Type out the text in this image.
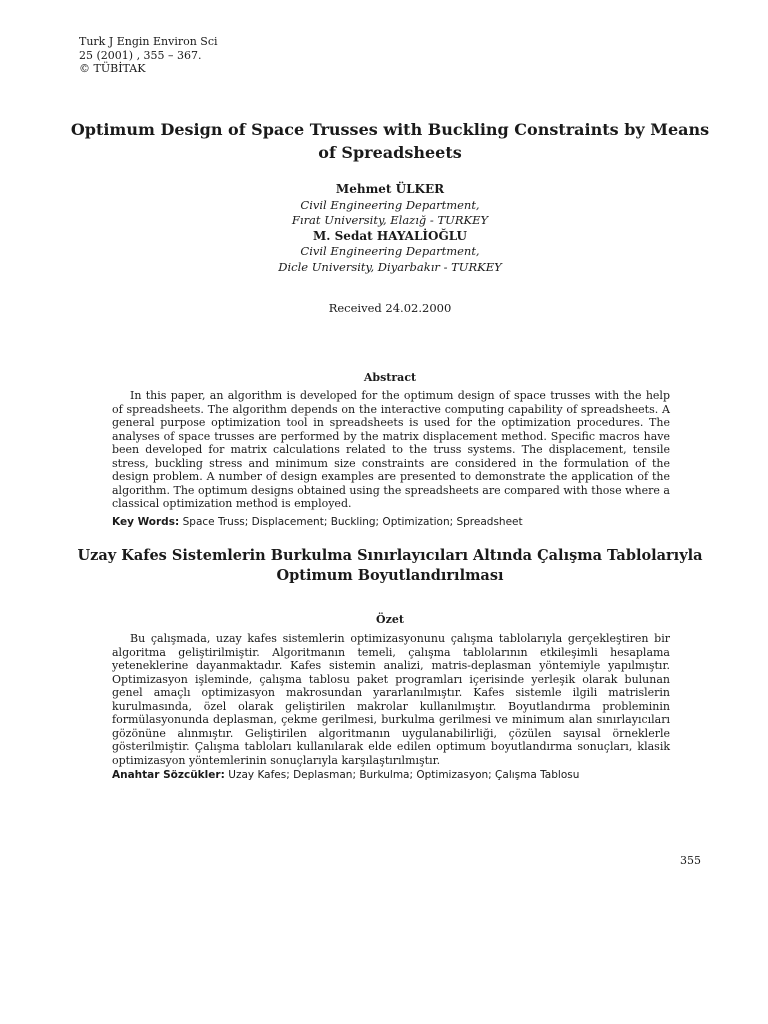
Turk J Engin Environ Sci
25 (2001) , 355 – 367.
© TÜBİTAK
Optimum Design of Space Trusses with Buckling Constraints by Means of Spreadsheets
Mehmet ÜLKER
Civil Engineering Department,
Fırat University, Elazığ - TURKEY
M. Sedat HAYALİOĞLU
Civil Engineering Department,
Dicle University, Diyarbakır - TURKEY
Received 24.02.2000
Abstract

In this paper, an algorithm is developed for the optimum design of space trusses with the help of spreadsheets. The algorithm depends on the interactive computing capability of spreadsheets. A general purpose optimization tool in spreadsheets is used for the optimization procedures. The analyses of space trusses are performed by the matrix displacement method. Specific macros have been developed for matrix calculations related to the truss systems. The displacement, tensile stress, buckling stress and minimum size constraints are considered in the formulation of the design problem. A number of design examples are presented to demonstrate the application of the algorithm. The optimum designs obtained using the spreadsheets are compared with those where a classical optimization method is employed.

Key Words: Space Truss; Displacement; Buckling; Optimization; Spreadsheet
Uzay Kafes Sistemlerin Burkulma Sınırlayıcıları Altında Çalışma Tablolarıyla Optimum Boyutlandırılması
Özet

Bu çalışmada, uzay kafes sistemlerin optimizasyonunu çalışma tablolarıyla gerçekleştiren bir algoritma geliştirilmiştir. Algoritmanın temeli, çalışma tablolarının etkileşimli hesaplama yeteneklerine dayanmaktadır. Kafes sistemin analizi, matris-deplasman yöntemiyle yapılmıştır. Optimizasyon işleminde, çalışma tablosu paket programları içerisinde yerleşik olarak bulunan genel amaçlı optimizasyon makrosundan yararlanılmıştır. Kafes sistemle ilgili matrislerin kurulmasında, özel olarak geliştirilen makrolar kullanılmıştır. Boyutlandırma probleminin formülasyonunda deplasman, çekme gerilmesi, burkulma gerilmesi ve minimum alan sınırlayıcıları gözönüne alınmıştır. Geliştirilen algoritmanın uygulanabilirliği, çözülen sayısal örneklerle gösterilmiştir. Çalışma tabloları kullanılarak elde edilen optimum boyutlandırma sonuçları, klasik optimizasyon yöntemlerinin sonuçlarıyla karşılaştırılmıştır.

Anahtar Sözcükler: Uzay Kafes; Deplasman; Burkulma; Optimizasyon; Çalışma Tablosu
355
